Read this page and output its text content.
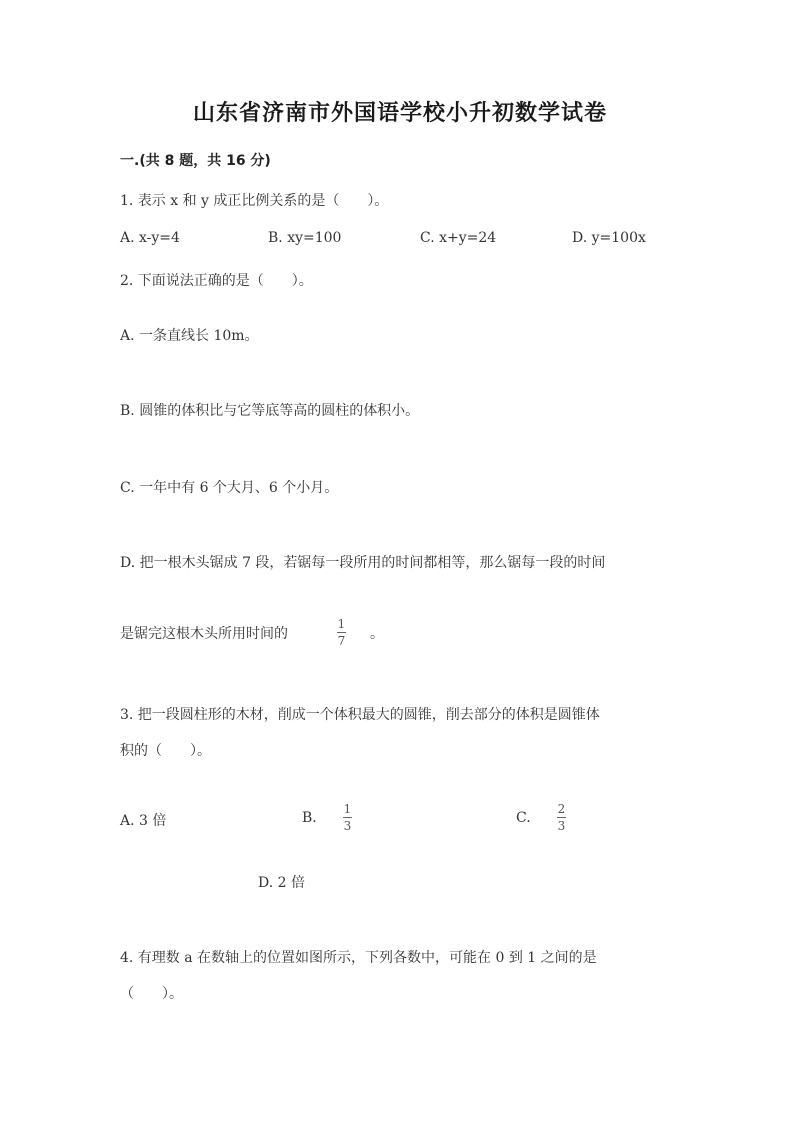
山东省济南市外国语学校小升初数学试卷
一.(共 8 题，共 16 分)
1. 表示 x 和 y 成正比例关系的是（　　）。
A. x-y=4	B. xy=100	C. x+y=24	D. y=100x
2. 下面说法正确的是（　　）。
A. 一条直线长 10m。
B. 圆锥的体积比与它等底等高的圆柱的体积小。
C. 一年中有 6 个大月、6 个小月。
D. 把一根木头锯成 7 段，若锯每一段所用的时间都相等，那么锯每一段的时间
是锯完这根木头所用时间的
1
7 。
3. 把一段圆柱形的木材，削成一个体积最大的圆锥，削去部分的体积是圆锥体
积的（　　）。
A. 3 倍	B.
1
3	C.
2
3
D. 2 倍
4. 有理数 a 在数轴上的位置如图所示，下列各数中，可能在 0 到 1 之间的是
（　　）。
